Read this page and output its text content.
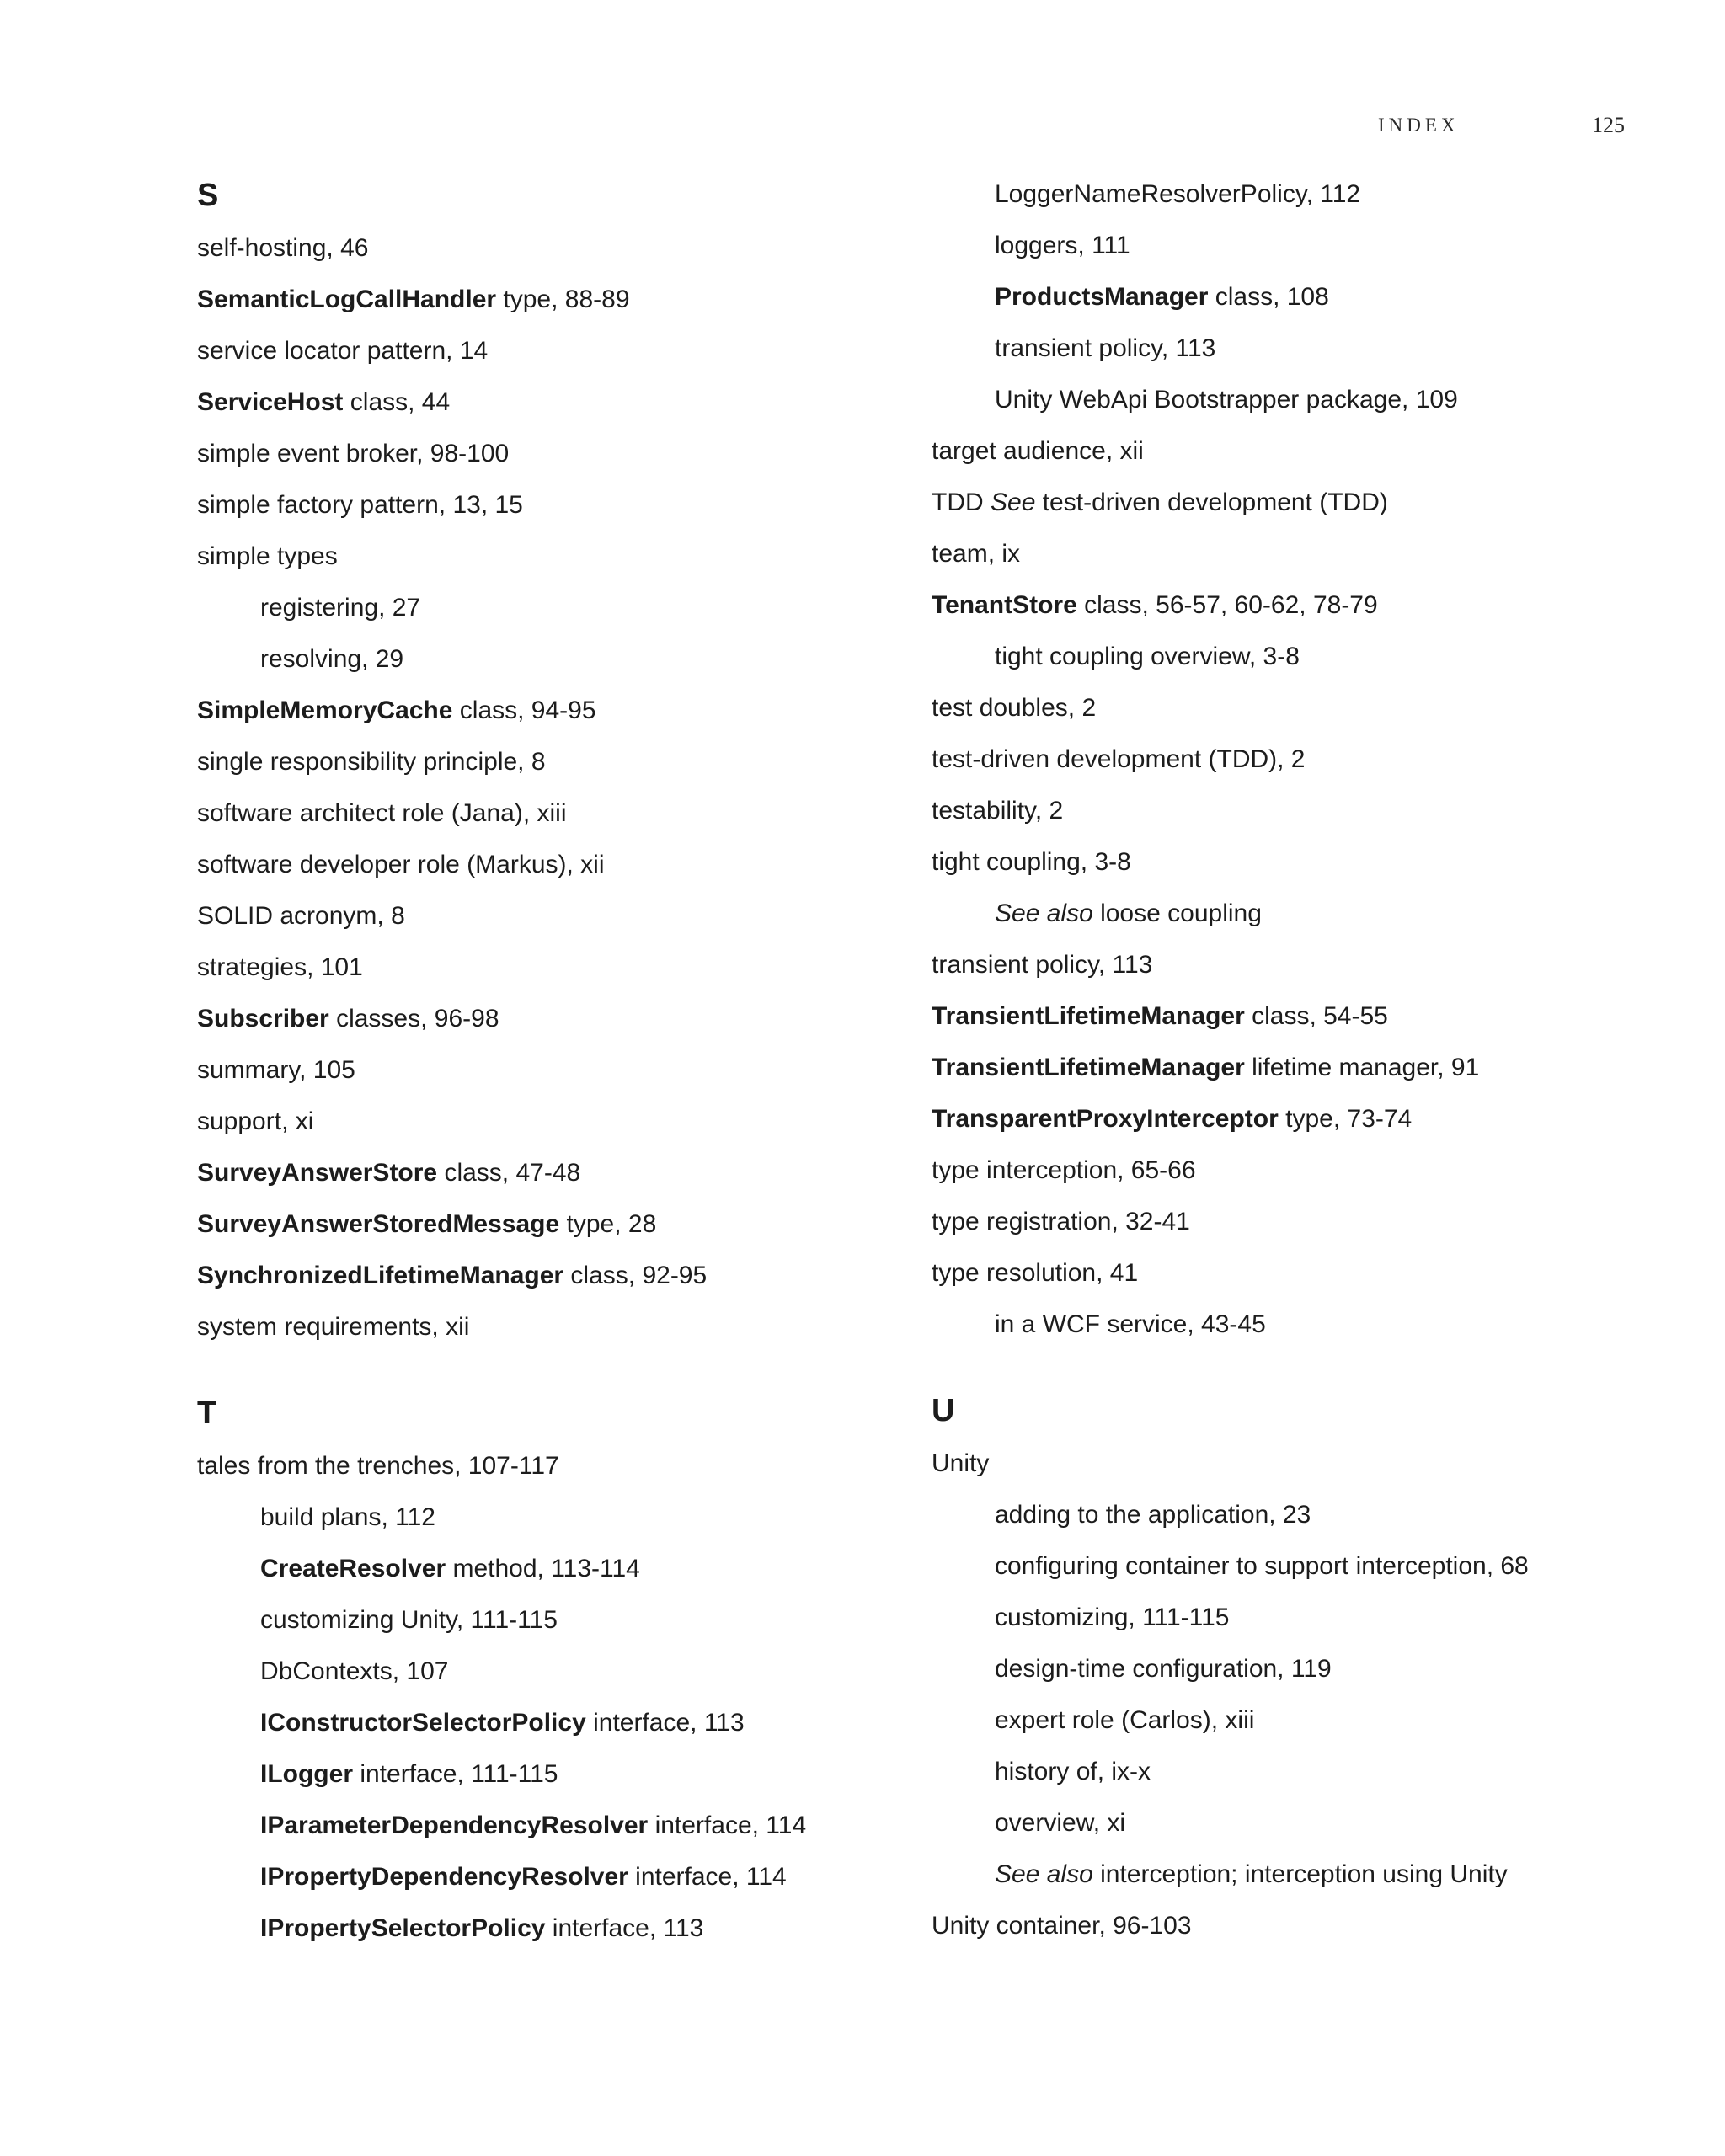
INDEX	125
S
self-hosting, 46
SemanticLogCallHandler type, 88-89
service locator pattern, 14
ServiceHost class, 44
simple event broker, 98-100
simple factory pattern, 13, 15
simple types
registering, 27
resolving, 29
SimpleMemoryCache class, 94-95
single responsibility principle, 8
software architect role (Jana), xiii
software developer role (Markus), xii
SOLID acronym, 8
strategies, 101
Subscriber classes, 96-98
summary, 105
support, xi
SurveyAnswerStore class, 47-48
SurveyAnswerStoredMessage type, 28
SynchronizedLifetimeManager class, 92-95
system requirements, xii
T
tales from the trenches, 107-117
build plans, 112
CreateResolver method, 113-114
customizing Unity, 111-115
DbContexts, 107
IConstructorSelectorPolicy interface, 113
ILogger interface, 111-115
IParameterDependencyResolver interface, 114
IPropertyDependencyResolver interface, 114
IPropertySelectorPolicy interface, 113
LoggerNameResolverPolicy, 112
loggers, 111
ProductsManager class, 108
transient policy, 113
Unity WebApi Bootstrapper package, 109
target audience, xii
TDD See test-driven development (TDD)
team, ix
TenantStore class, 56-57, 60-62, 78-79
tight coupling overview, 3-8
test doubles, 2
test-driven development (TDD), 2
testability, 2
tight coupling, 3-8
See also loose coupling
transient policy, 113
TransientLifetimeManager class, 54-55
TransientLifetimeManager lifetime manager, 91
TransparentProxyInterceptor type, 73-74
type interception, 65-66
type registration, 32-41
type resolution, 41
in a WCF service, 43-45
U
Unity
adding to the application, 23
configuring container to support interception, 68
customizing, 111-115
design-time configuration, 119
expert role (Carlos), xiii
history of, ix-x
overview, xi
See also interception; interception using Unity
Unity container, 96-103
